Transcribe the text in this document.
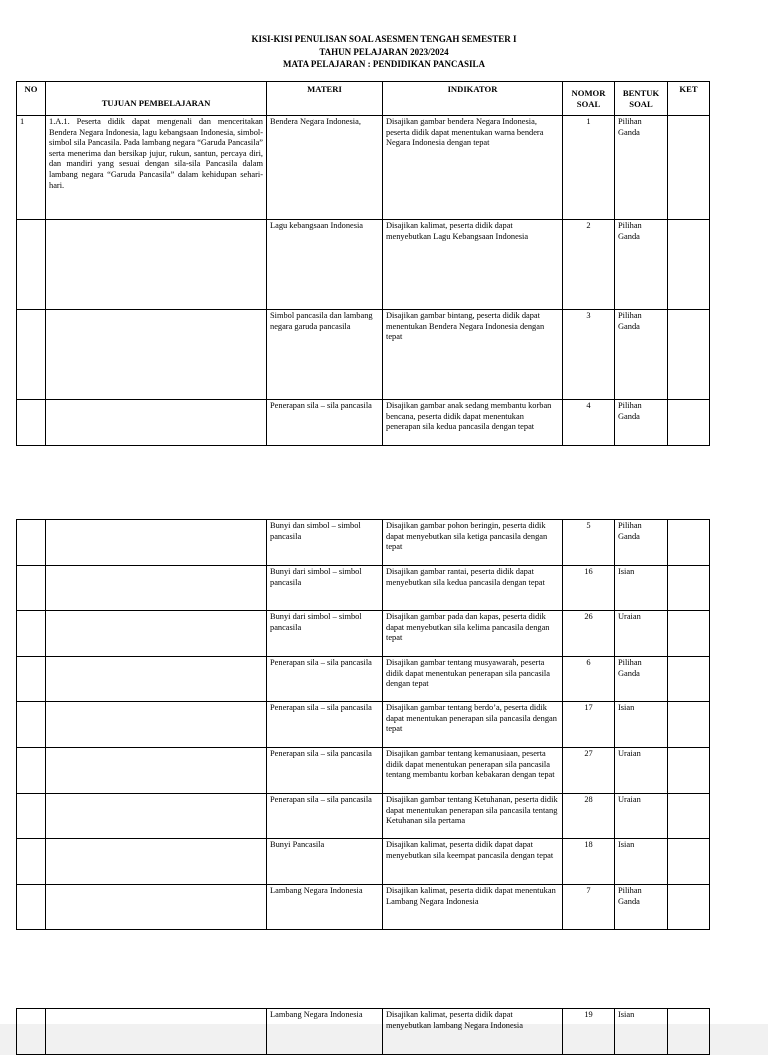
KISI-KISI PENULISAN SOAL ASESMEN TENGAH SEMESTER I
TAHUN PELAJARAN 2023/2024
MATA PELAJARAN : PENDIDIKAN PANCASILA
NO	TUJUAN PEMBELAJARAN	MATERI	INDIKATOR	NOMOR SOAL	BENTUK SOAL	KET
1	1.A.1. Peserta didik dapat mengenali dan menceritakan Bendera Negara Indonesia, lagu kebangsaan Indonesia, simbol-simbol sila Pancasila. Pada lambang negara “Garuda Pancasila” serta menerima dan bersikap jujur, rukun, santun, percaya diri, dan mandiri yang sesuai dengan sila-sila Pancasila dalam lambang negara “Garuda Pancasila” dalam kehidupan sehari-hari.	Bendera Negara Indonesia,	Disajikan gambar bendera Negara Indonesia, peserta didik dapat menentukan warna bendera Negara Indonesia dengan tepat	1	Pilihan Ganda	
		Lagu kebangsaan Indonesia	Disajikan kalimat, peserta didik dapat menyebutkan Lagu Kebangsaan Indonesia	2	Pilihan Ganda	
		Simbol pancasila dan lambang negara garuda pancasila	Disajikan gambar bintang, peserta didik dapat menentukan Bendera Negara Indonesia dengan tepat	3	Pilihan Ganda	
		Penerapan sila – sila pancasila	Disajikan gambar anak sedang membantu korban bencana, peserta didik dapat menentukan penerapan sila kedua pancasila dengan tepat	4	Pilihan Ganda	
		Bunyi dan simbol – simbol pancasila	Disajikan gambar pohon beringin, peserta didik dapat menyebutkan sila ketiga pancasila dengan tepat	5	Pilihan Ganda	
		Bunyi dari simbol – simbol pancasila	Disajikan gambar rantai, peserta didik dapat menyebutkan sila kedua pancasila dengan tepat	16	Isian	
		Bunyi dari simbol – simbol pancasila	Disajikan gambar pada dan kapas, peserta didik dapat menyebutkan sila kelima pancasila dengan tepat	26	Uraian	
		Penerapan sila – sila pancasila	Disajikan gambar tentang musyawarah, peserta didik dapat menentukan penerapan sila pancasila dengan tepat	6	Pilihan Ganda	
		Penerapan sila – sila pancasila	Disajikan gambar tentang berdo’a, peserta didik dapat menentukan penerapan sila pancasila dengan tepat	17	Isian	
		Penerapan sila – sila pancasila	Disajikan gambar tentang kemanusiaan, peserta didik dapat menentukan penerapan sila pancasila tentang membantu korban kebakaran dengan tepat	27	Uraian	
		Penerapan sila – sila pancasila	Disajikan gambar tentang Ketuhanan, peserta didik dapat menentukan penerapan sila pancasila tentang Ketuhanan sila pertama	28	Uraian	
		Bunyi Pancasila	Disajikan kalimat, peserta didik dapat dapat menyebutkan sila keempat pancasila dengan tepat	18	Isian	
		Lambang Negara Indonesia	Disajikan kalimat, peserta didik dapat menentukan Lambang Negara Indonesia	7	Pilihan Ganda	
		Lambang Negara Indonesia	Disajikan kalimat, peserta didik dapat menyebutkan lambang Negara Indonesia	19	Isian	
